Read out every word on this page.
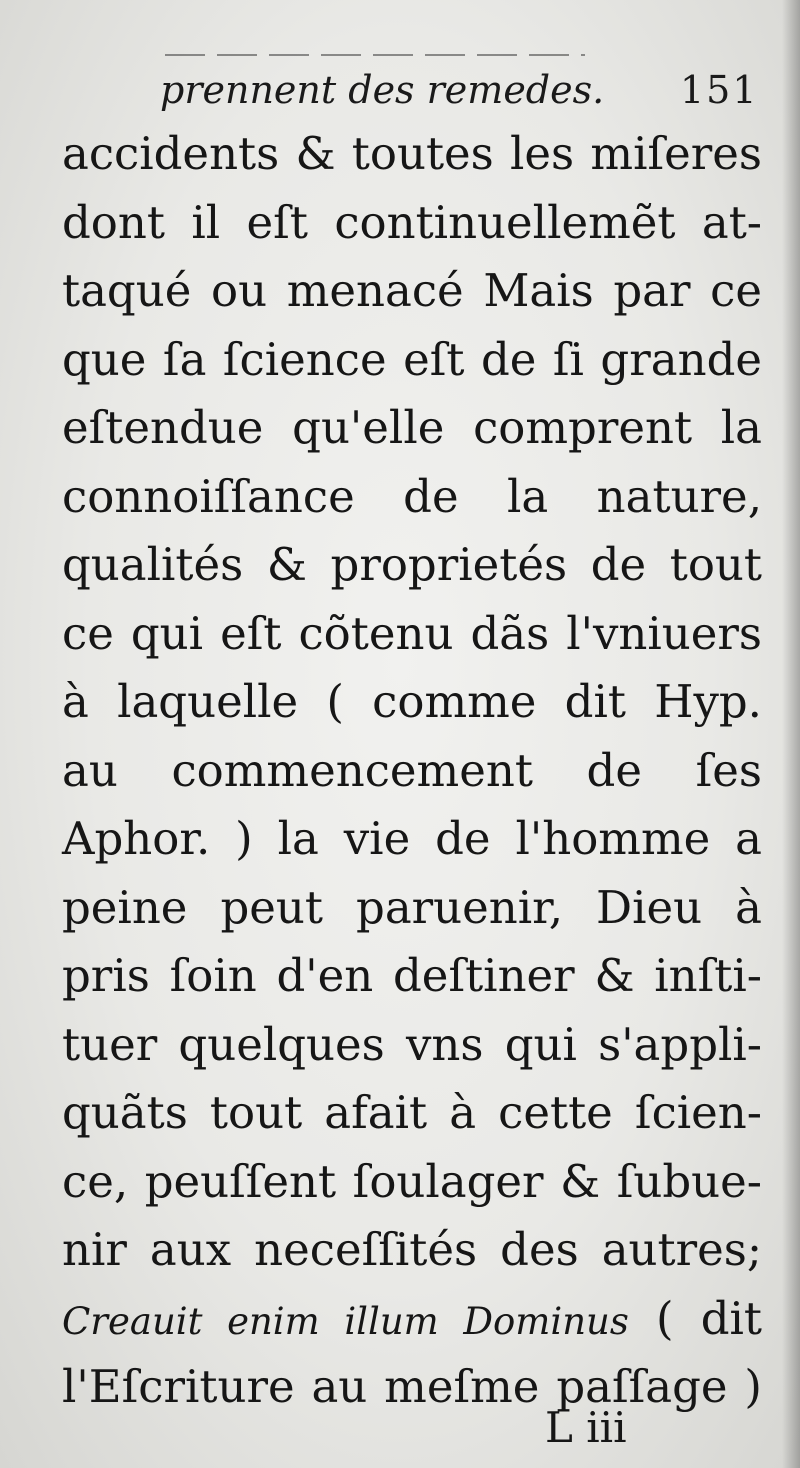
prennent des remedes. 151
accidents & toutes les miſeres
dont il eſt continuellemẽt at-
taqué ou menacé Mais par ce
que ſa ſcience eſt de ſi grande
eſtendue qu'elle comprent la
connoiſſance de la nature,
qualités & proprietés de tout
ce qui eſt cõtenu dãs l'vniuers
à laquelle ( comme dit Hyp.
au commencement de ſes
Aphor. ) la vie de l'homme a
peine peut paruenir, Dieu à
pris ſoin d'en deſtiner & inſti-
tuer quelques vns qui s'appli-
quãts tout afait à cette ſcien-
ce, peuſſent ſoulager & ſubue-
nir aux neceſſités des autres;
Creauit enim illum Dominus ( dit
l'Eſcriture au meſme paſſage )
L iii
